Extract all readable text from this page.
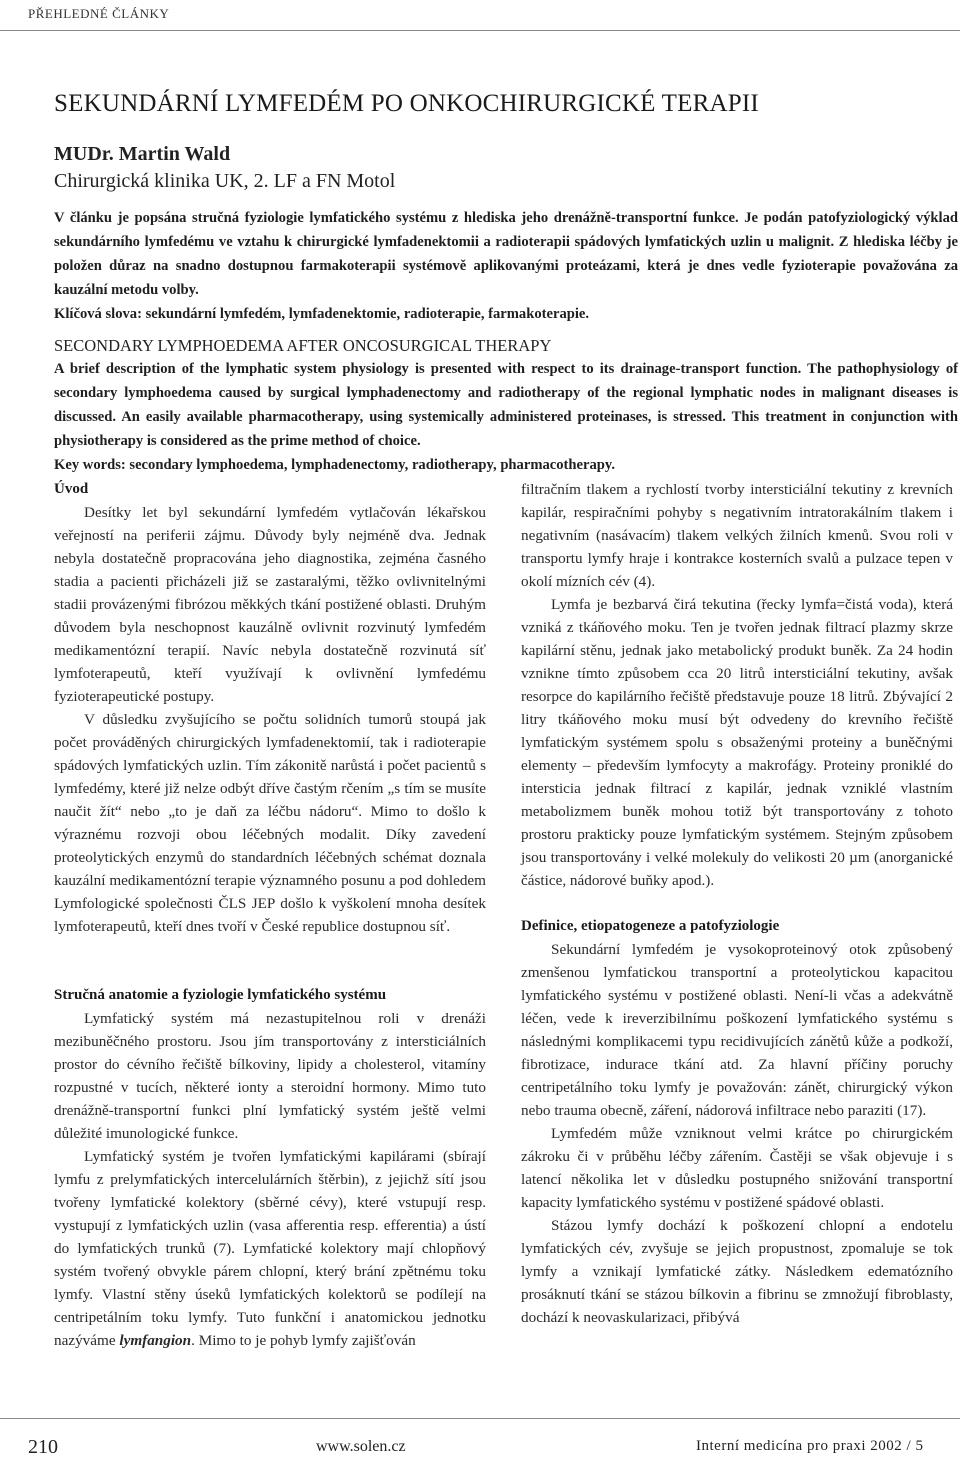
PŘEHLEDNÉ ČLÁNKY
SEKUNDÁRNÍ LYMFEDÉM PO ONKOCHIRURGICKÉ TERAPII
MUDr. Martin Wald
Chirurgická klinika UK, 2. LF a FN Motol

V článku je popsána stručná fyziologie lymfatického systému z hlediska jeho drenážně-transportní funkce. Je podán patofyziologický výklad sekundárního lymfedému ve vztahu k chirurgické lymfadenektomii a radioterapii spádových lymfatických uzlin u malignit. Z hlediska léčby je položen důraz na snadno dostupnou farmakoterapii systémově aplikovanými proteázami, která je dnes vedle fyzioterapie považována za kauzální metodu volby.

Klíčová slova: sekundární lymfedém, lymfadenektomie, radioterapie, farmakoterapie.

SECONDARY LYMPHOEDEMA AFTER ONCOSURGICAL THERAPY

A brief description of the lymphatic system physiology is presented with respect to its drainage-transport function. The pathophysiology of secondary lymphoedema caused by surgical lymphadenectomy and radiotherapy of the regional lymphatic nodes in malignant diseases is discussed. An easily available pharmacotherapy, using systemically administered proteinases, is stressed. This treatment in conjunction with physiotherapy is considered as the prime method of choice.

Key words: secondary lymphoedema, lymphadenectomy, radiotherapy, pharmacotherapy.

Úvod

Desítky let byl sekundární lymfedém vytlačován lékařskou veřejností na periferii zájmu. Důvody byly nejméně dva. Jednak nebyla dostatečně propracována jeho diagnostika, zejména časného stadia a pacienti přicházeli již se zastaralými, těžko ovlivnitelnými stadii provázenými fibrózou měkkých tkání postižené oblasti. Druhým důvodem byla neschopnost kauzálně ovlivnit rozvinutý lymfedém medikamentózní terapií. Navíc nebyla dostatečně rozvinutá síť lymfoterapeutů, kteří využívají k ovlivnění lymfedému fyzioterapeutické postupy.

V důsledku zvyšujícího se počtu solidních tumorů stoupá jak počet prováděných chirurgických lymfadenektomií, tak i radioterapie spádových lymfatických uzlin. Tím zákonitě narůstá i počet pacientů s lymfedémy, které již nelze odbýt dříve častým rčením „s tím se musíte naučit žít“ nebo „to je daň za léčbu nádoru“. Mimo to došlo k výraznému rozvoji obou léčebných modalit. Díky zavedení proteolytických enzymů do standardních léčebných schémat doznala kauzální medikamentózní terapie významného posunu a pod dohledem Lymfologické společnosti ČLS JEP došlo k vyškolení mnoha desítek lymfoterapeutů, kteří dnes tvoří v České republice dostupnou síť.

Stručná anatomie a fyziologie lymfatického systému

Lymfatický systém má nezastupitelnou roli v drenáži mezibuněčného prostoru. Jsou jím transportovány z intersticiálních prostor do cévního řečiště bílkoviny, lipidy a cholesterol, vitamíny rozpustné v tucích, některé ionty a steroidní hormony. Mimo tuto drenážně-transportní funkci plní lymfatický systém ještě velmi důležité imunologické funkce.

Lymfatický systém je tvořen lymfatickými kapilárami (sbírají lymfu z prelymfatických intercelulárních štěrbin), z jejichž sítí jsou tvořeny lymfatické kolektory (sběrné cévy), které vstupují resp. vystupují z lymfatických uzlin (vasa afferentia resp. efferentia) a ústí do lymfatických trunků (7). Lymfatické kolektory mají chlopňový systém tvořený obvykle párem chlopní, který brání zpětnému toku lymfy. Vlastní stěny úseků lymfatických kolektorů se podílejí na centripetálním toku lymfy. Tuto funkční i anatomickou jednotku nazýváme lymfangion. Mimo to je pohyb lymfy zajišťován

filtračním tlakem a rychlostí tvorby intersticiální tekutiny z krevních kapilár, respiračními pohyby s negativním intratorakálním tlakem i negativním (nasávacím) tlakem velkých žilních kmenů. Svou roli v transportu lymfy hraje i kontrakce kosterních svalů a pulzace tepen v okolí mízních cév (4).

Lymfa je bezbarvá čirá tekutina (řecky lymfa=čistá voda), která vzniká z tkáňového moku. Ten je tvořen jednak filtrací plazmy skrze kapilární stěnu, jednak jako metabolický produkt buněk. Za 24 hodin vznikne tímto způsobem cca 20 litrů intersticiální tekutiny, avšak resorpce do kapilárního řečiště představuje pouze 18 litrů. Zbývající 2 litry tkáňového moku musí být odvedeny do krevního řečiště lymfatickým systémem spolu s obsaženými proteiny a buněčnými elementy – především lymfocyty a makrofágy. Proteiny proniklé do intersticia jednak filtrací z kapilár, jednak vzniklé vlastním metabolizmem buněk mohou totiž být transportovány z tohoto prostoru prakticky pouze lymfatickým systémem. Stejným způsobem jsou transportovány i velké molekuly do velikosti 20 µm (anorganické částice, nádorové buňky apod.).

Definice, etiopatogeneze a patofyziologie

Sekundární lymfedém je vysokoproteinový otok způsobený zmenšenou lymfatickou transportní a proteolytickou kapacitou lymfatického systému v postižené oblasti. Není-li včas a adekvátně léčen, vede k ireverzibilnímu poškození lymfatického systému s následnými komplikacemi typu recidivujících zánětů kůže a podkoží, fibrotizace, indurace tkání atd. Za hlavní příčiny poruchy centripetálního toku lymfy je považován: zánět, chirurgický výkon nebo trauma obecně, záření, nádorová infiltrace nebo paraziti (17).

Lymfedém může vzniknout velmi krátce po chirurgickém zákroku či v průběhu léčby zářením. Častěji se však objevuje i s latencí několika let v důsledku postupného snižování transportní kapacity lymfatického systému v postižené spádové oblasti.

Stázou lymfy dochází k poškození chlopní a endotelu lymfatických cév, zvyšuje se jejich propustnost, zpomaluje se tok lymfy a vznikají lymfatické zátky. Následkem edematózního prosáknutí tkání se stázou bílkovin a fibrinu se zmnožují fibroblasty, dochází k neovaskularizaci, přibývá

210	www.solen.cz	Interní medicína pro praxi 2002 / 5
